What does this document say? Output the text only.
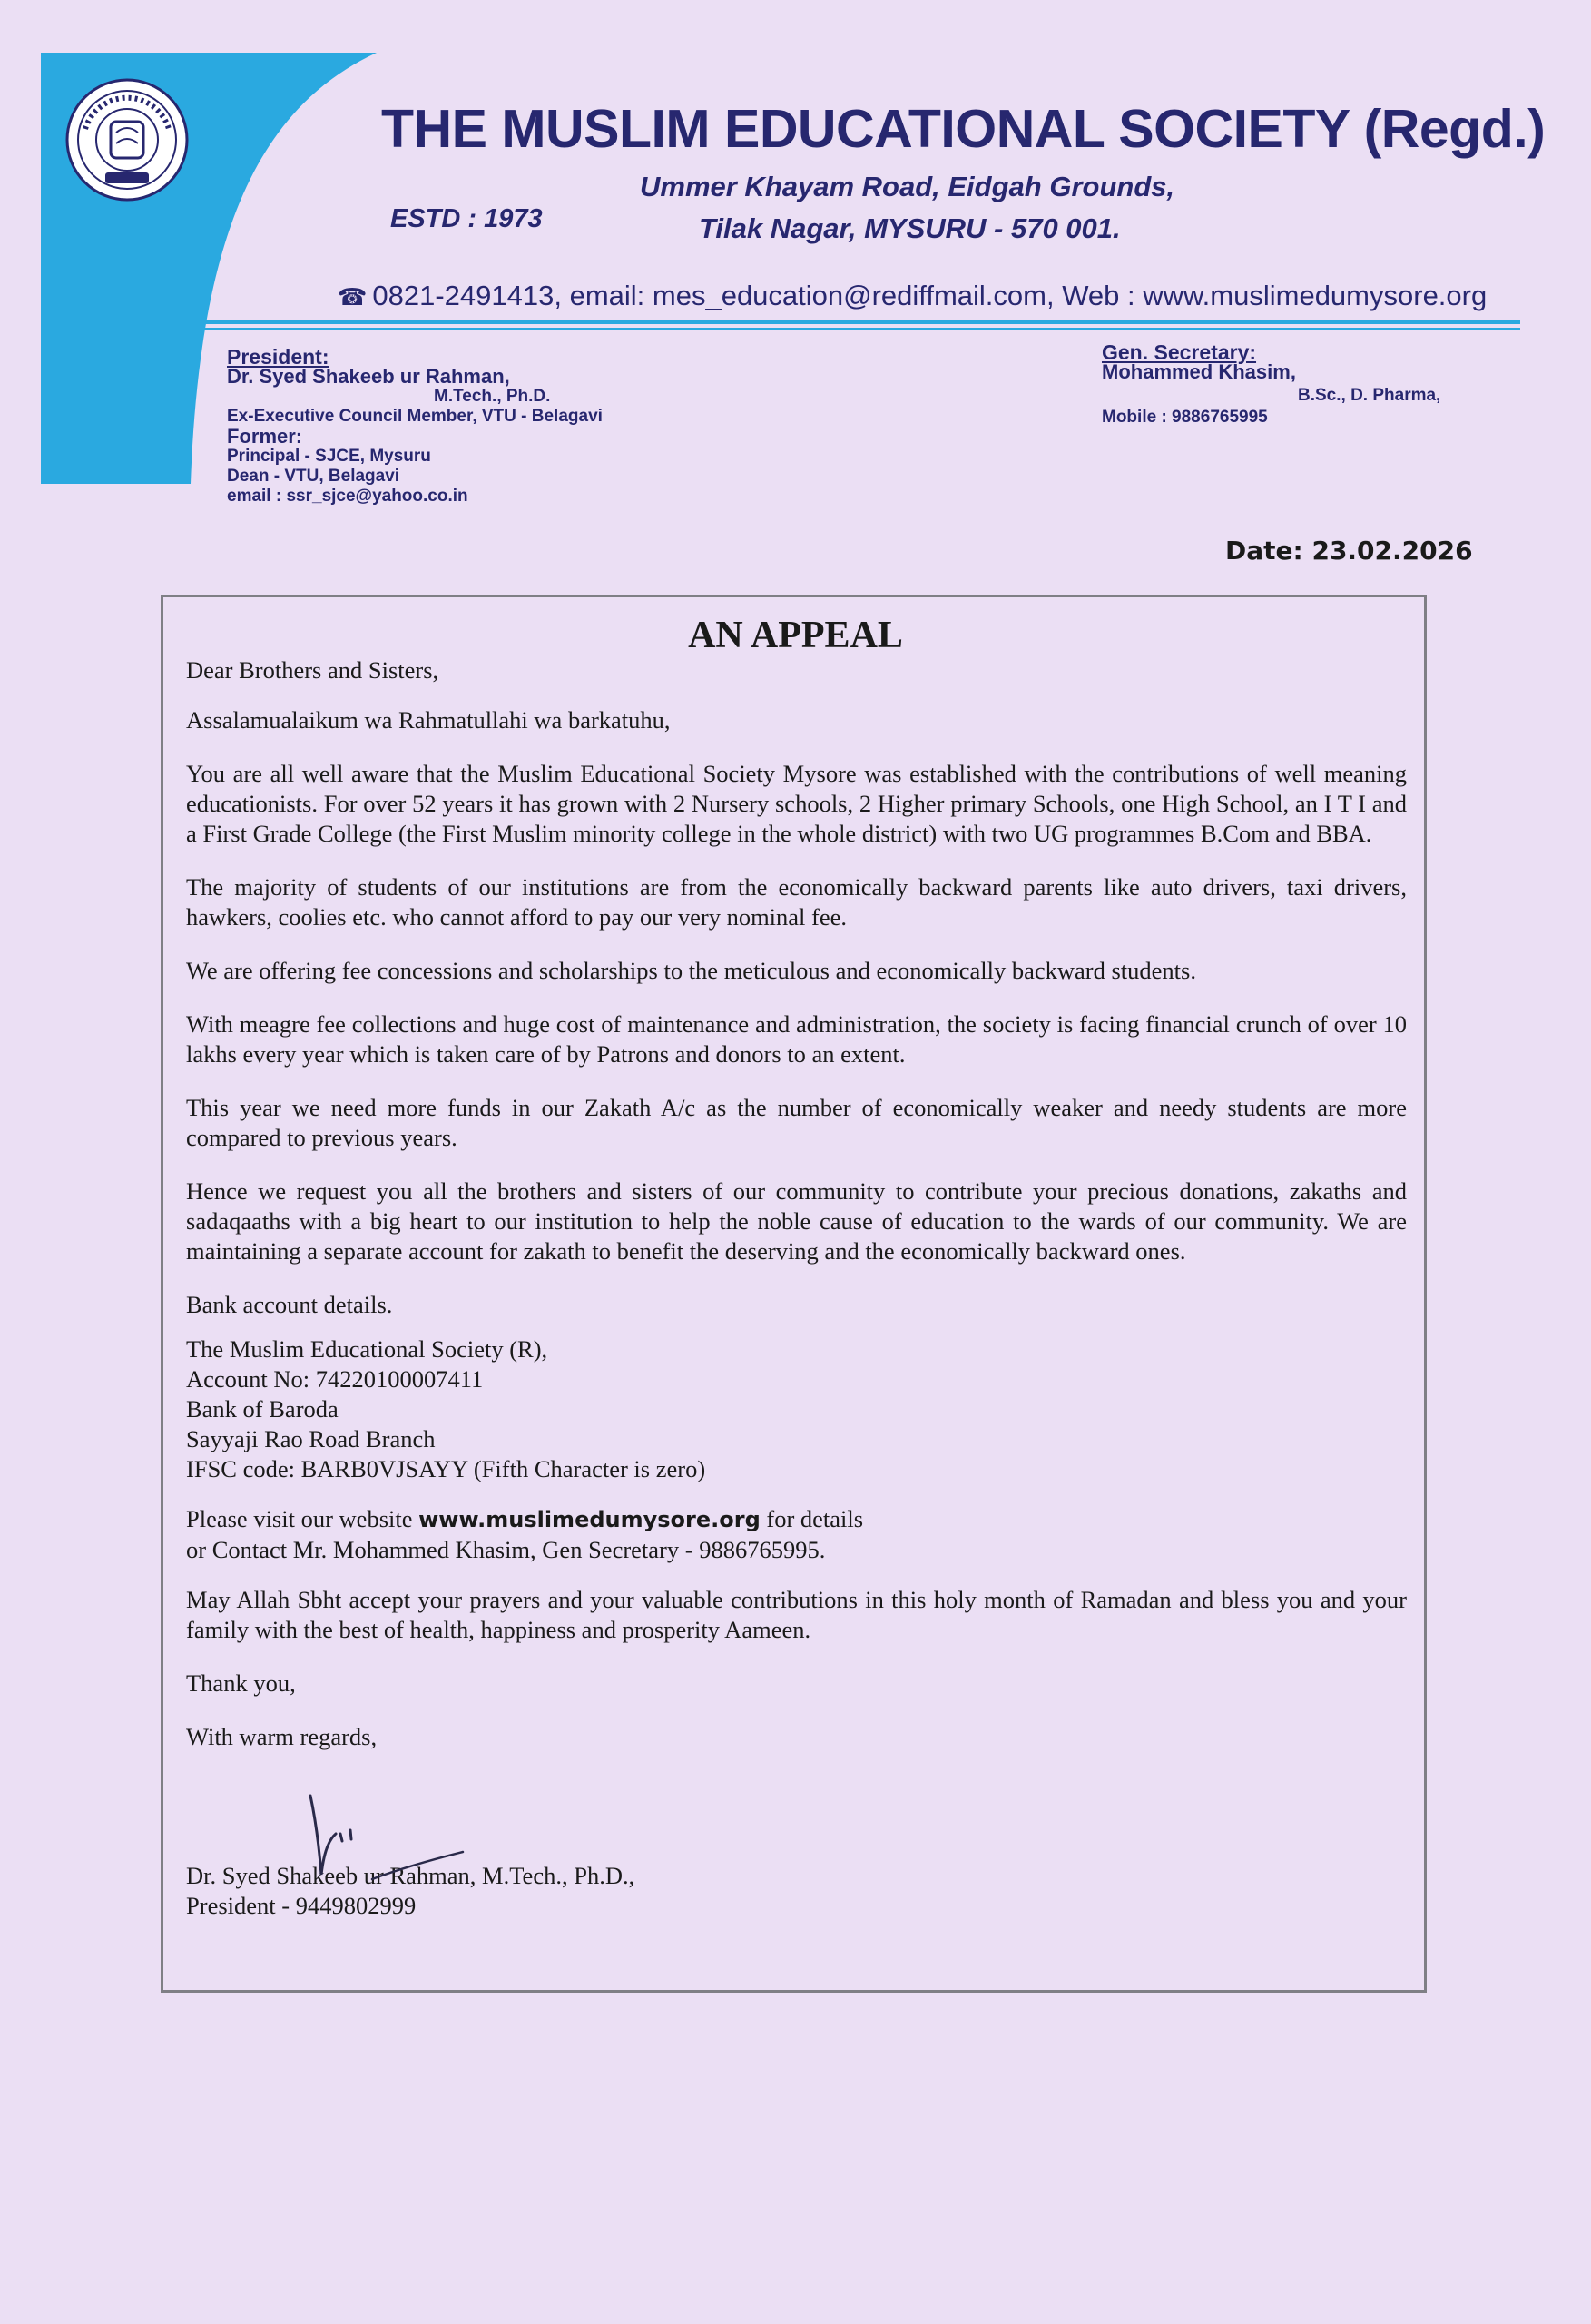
THE MUSLIM EDUCATIONAL SOCIETY (Regd.)
ESTD : 1973
Ummer Khayam Road, Eidgah Grounds,
Tilak Nagar, MYSURU - 570 001.
☎ 0821-2491413, email: mes_education@rediffmail.com, Web : www.muslimedumysore.org
President:
Dr. Syed Shakeeb ur Rahman,
M.Tech., Ph.D.
Ex-Executive Council Member, VTU - Belagavi
Former:
Principal - SJCE, Mysuru
Dean - VTU, Belagavi
email : ssr_sjce@yahoo.co.in
Gen. Secretary:
Mohammed Khasim,
B.Sc., D. Pharma,
Mobile : 9886765995
Date: 23.02.2026
AN APPEAL

Dear Brothers and Sisters,

Assalamualaikum wa Rahmatullahi wa barkatuhu,

You are all well aware that the Muslim Educational Society Mysore was established with the contributions of well meaning educationists. For over 52 years it has grown with 2 Nursery schools, 2 Higher primary Schools, one High School, an I T I and a First Grade College (the First Muslim minority college in the whole district) with two UG programmes B.Com and BBA.

The majority of students of our institutions are from the economically backward parents like auto drivers, taxi drivers, hawkers, coolies etc. who cannot afford to pay our very nominal fee.

We are offering fee concessions and scholarships to the meticulous and economically backward students.

With meagre fee collections and huge cost of maintenance and administration, the society is facing financial crunch of over 10 lakhs every year which is taken care of by Patrons and donors to an extent.

This year we need more funds in our Zakath A/c as the number of economically weaker and needy students are more compared to previous years.

Hence we request you all the brothers and sisters of our community to contribute your precious donations, zakaths and sadaqaaths with a big heart to our institution to help the noble cause of education to the wards of our community. We are maintaining a separate account for zakath to benefit the deserving and the economically backward ones.

Bank account details.

The Muslim Educational Society (R),

Account No: 74220100007411

Bank of Baroda

Sayyaji Rao Road Branch

IFSC code: BARB0VJSAYY (Fifth Character is zero)

Please visit our website www.muslimedumysore.org for details

or Contact Mr. Mohammed Khasim, Gen Secretary - 9886765995.

May Allah Sbht accept your prayers and your valuable contributions in this holy month of Ramadan and bless you and your family with the best of health, happiness and prosperity Aameen.

Thank you,

With warm regards,

Dr. Syed Shakeeb ur Rahman, M.Tech., Ph.D.,

President - 9449802999
